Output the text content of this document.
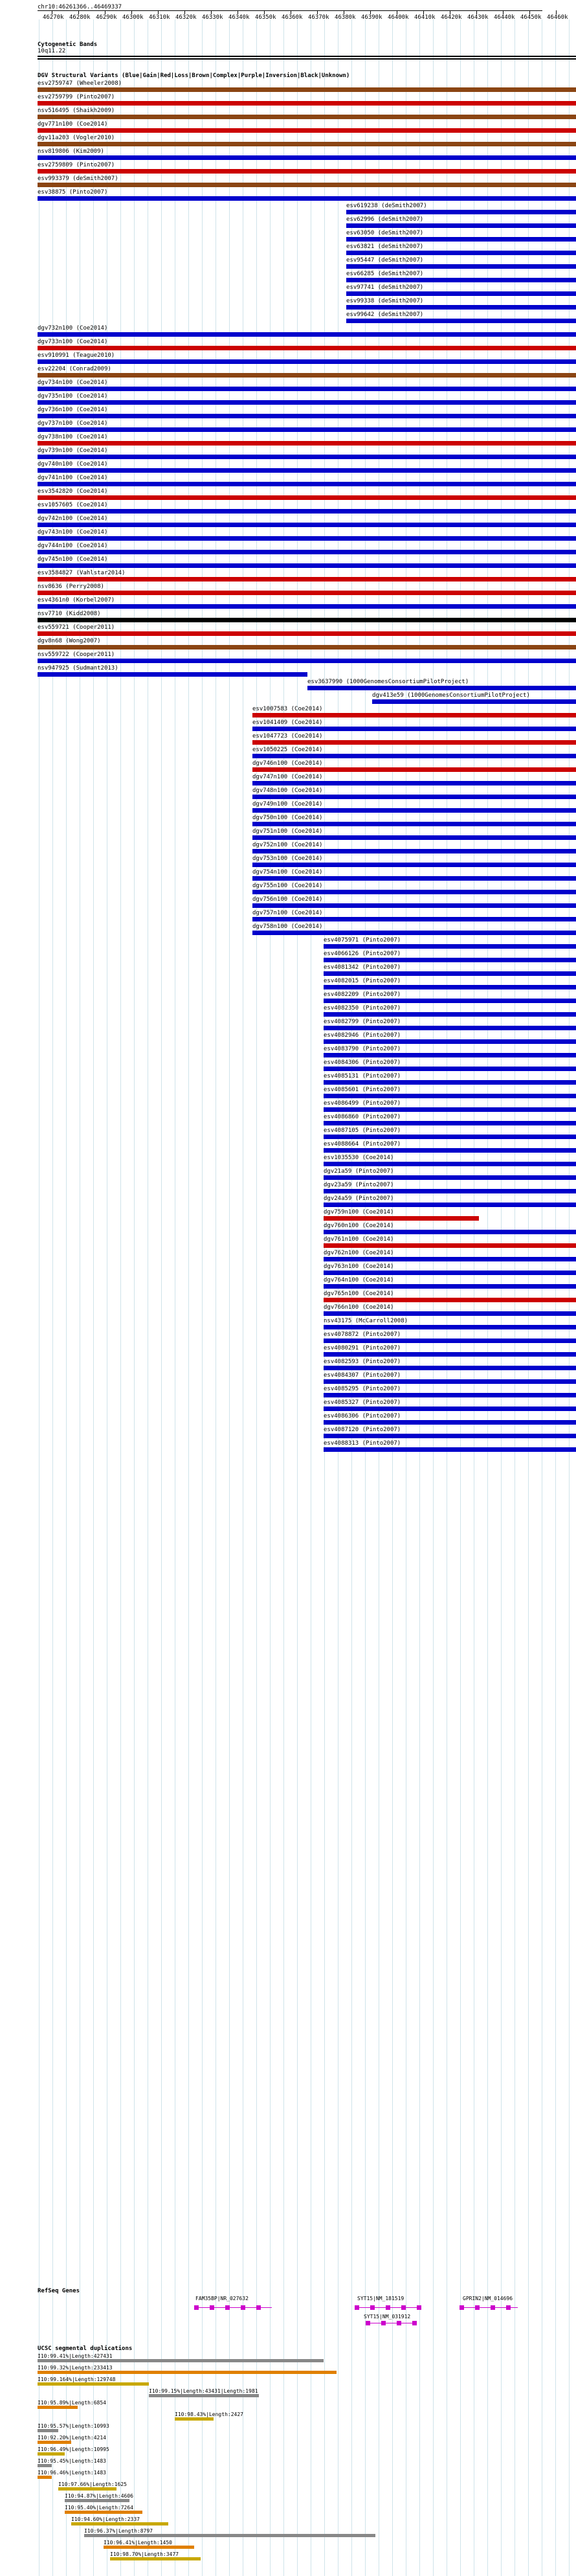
chr10:46261366..46469337
46270k 46280k 46290k 46300k 46310k 46320k 46330k 46340k 46350k 46360k 46370k 46380k 46390k 46400k 46410k 46420k 46430k 46440k 46450k 46460k
Cytogenetic Bands
10q11.22
DGV Structural Variants (Blue|Gain|Red|Loss|Brown|Complex|Purple|Inversion|Black|Unknown)
esv2759747 (Wheeler2008)
esv2759799 (Pinto2007)
nsv516495 (Shaikh2009)
dgv771n100 (Coe2014)
dgv11a203 (Vogler2010)
nsv819806 (Kim2009)
esv2759809 (Pinto2007)
esv993379 (deSmith2007)
esv38875 (Pinto2007)
esv619238 (deSmith2007)
esv62996 (deSmith2007)
esv63050 (deSmith2007)
esv63821 (deSmith2007)
esv95447 (deSmith2007)
esv66285 (deSmith2007)
esv97741 (deSmith2007)
esv99338 (deSmith2007)
esv99642 (deSmith2007)
dgv732n100 (Coe2014)
dgv733n100 (Coe2014)
esv910991 (Teague2010)
esv22204 (Conrad2009)
dgv734n100 (Coe2014)
dgv735n100 (Coe2014)
dgv736n100 (Coe2014)
dgv737n100 (Coe2014)
dgv738n100 (Coe2014)
dgv739n100 (Coe2014)
dgv740n100 (Coe2014)
dgv741n100 (Coe2014)
esv3542820 (Coe2014)
esv1057605 (Coe2014)
dgv742n100 (Coe2014)
dgv743n100 (Coe2014)
dgv744n100 (Coe2014)
dgv745n100 (Coe2014)
esv3584827 (Vahlstar2014)
nsv8636 (Perry2008)
esv4361n0 (Korbel2007)
nsv7710 (Kidd2008)
esv559721 (Cooper2011)
dgv8n68 (Wong2007)
nsv559722 (Cooper2011)
nsv947925 (Sudmant2013)
esv3637990 (1000GenomesConsortiumPilotProject)
dgv413e59 (1000GenomesConsortiumPilotProject)
esv1007583 (Coe2014)
esv1041409 (Coe2014)
esv1047723 (Coe2014)
esv1050225 (Coe2014)
dgv746n100 (Coe2014)
dgv747n100 (Coe2014)
dgv748n100 (Coe2014)
dgv749n100 (Coe2014)
dgv750n100 (Coe2014)
dgv751n100 (Coe2014)
dgv752n100 (Coe2014)
dgv753n100 (Coe2014)
dgv754n100 (Coe2014)
dgv755n100 (Coe2014)
dgv756n100 (Coe2014)
dgv757n100 (Coe2014)
dgv758n100 (Coe2014)
esv4075971 (Pinto2007)
esv4066126 (Pinto2007)
esv4081342 (Pinto2007)
esv4082015 (Pinto2007)
esv4082209 (Pinto2007)
esv4082350 (Pinto2007)
esv4082799 (Pinto2007)
esv4082946 (Pinto2007)
esv4083790 (Pinto2007)
esv4084306 (Pinto2007)
esv4085131 (Pinto2007)
esv4085601 (Pinto2007)
esv4086499 (Pinto2007)
esv4086860 (Pinto2007)
esv4087105 (Pinto2007)
esv4088664 (Pinto2007)
esv1035530 (Coe2014)
dgv21a59 (Pinto2007)
dgv23a59 (Pinto2007)
dgv24a59 (Pinto2007)
dgv759n100 (Coe2014)
dgv760n100 (Coe2014)
dgv761n100 (Coe2014)
dgv762n100 (Coe2014)
dgv763n100 (Coe2014)
dgv764n100 (Coe2014)
dgv765n100 (Coe2014)
dgv766n100 (Coe2014)
nsv43175 (McCarroll2008)
esv4078872 (Pinto2007)
esv4080291 (Pinto2007)
esv4082593 (Pinto2007)
esv4084307 (Pinto2007)
esv4085295 (Pinto2007)
esv4085327 (Pinto2007)
esv4086306 (Pinto2007)
esv4087120 (Pinto2007)
esv4088313 (Pinto2007)
RefSeq Genes
FAM35BP|NR_027632	SYT15|NM_181519
SYT15|NM_031912
GPRIN2|NM_014696
UCSC segmental duplications
I10:99.41%|Length:427431
I10:99.32%|Length:233413
I10:99.164%|Length:129748
I10:99.15%|Length:43431|Length:1981
I10:95.89%|Length:6854
I10:98.43%|Length:2427
I10:95.57%|Length:10993
I10:92.20%|Length:4214
I10:96.49%|Length:10995
I10:95.45%|Length:1483
I10:96.46%|Length:1483
I10:97.66%|Length:1625
I10:94.87%|Length:4606
I10:95.40%|Length:7264
I10:94.60%|Length:2337
I10:96.37%|Length:8797
I10:96.41%|Length:1450
I10:98.70%|Length:3477
